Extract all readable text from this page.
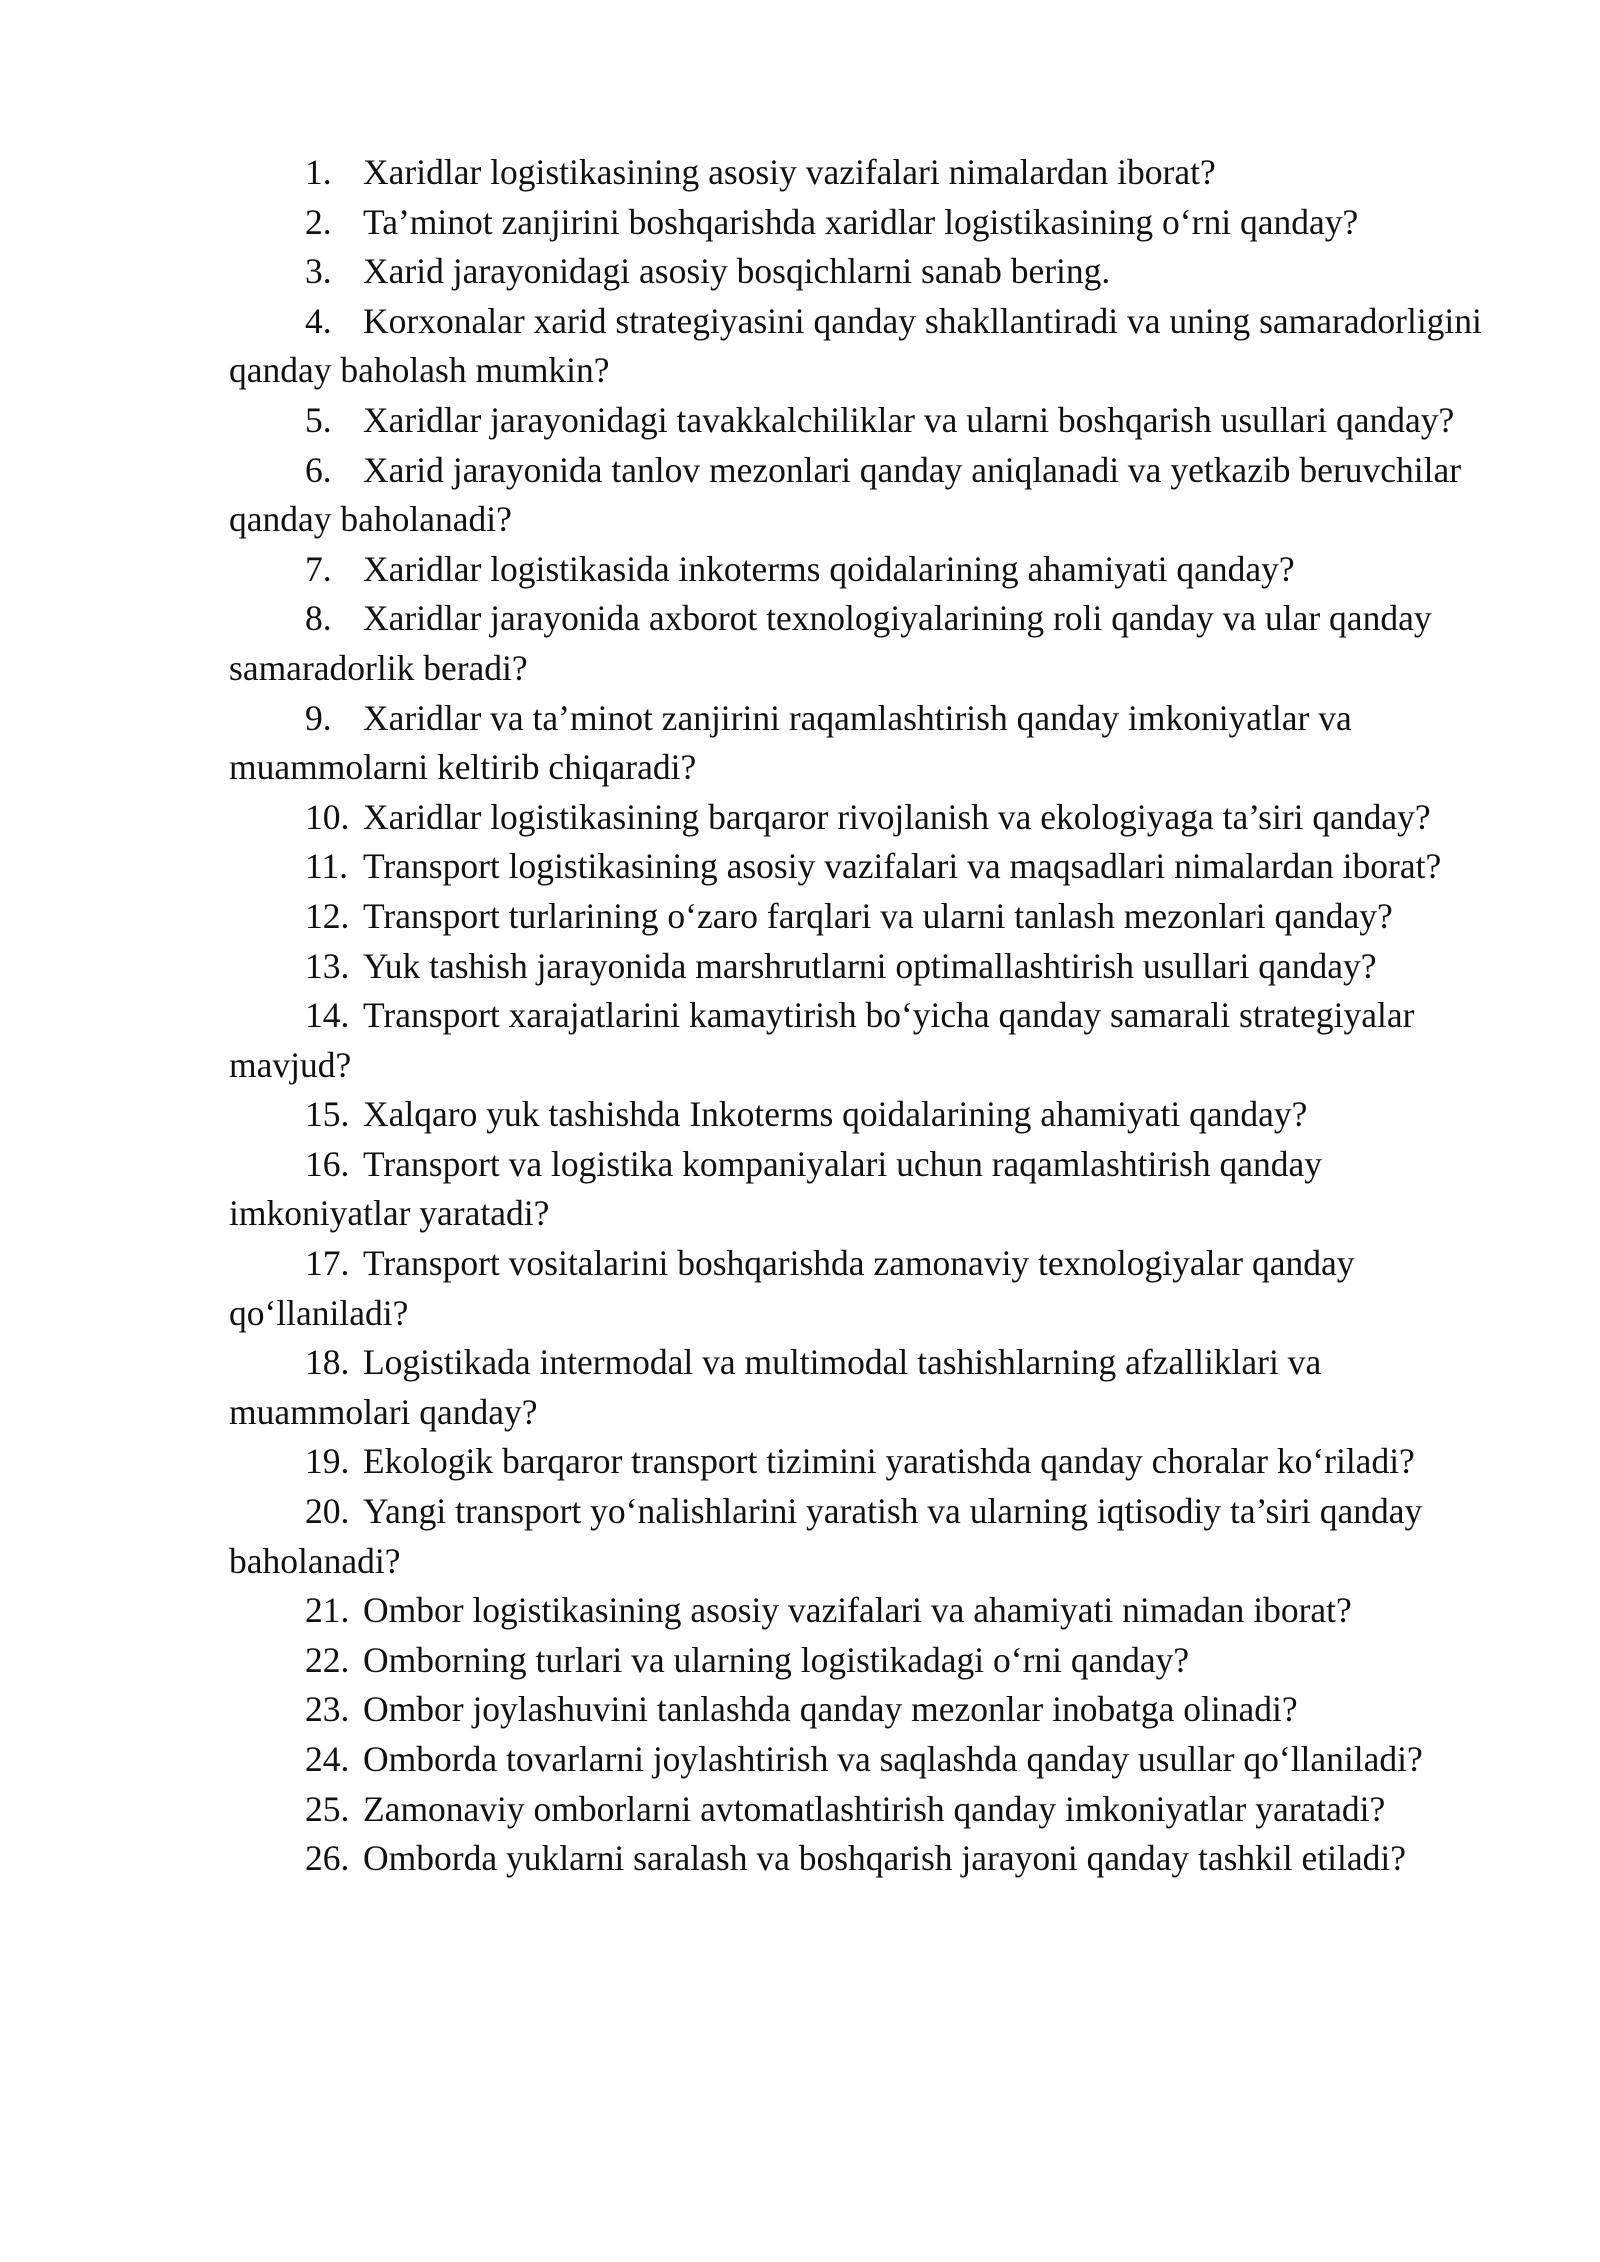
1. Xaridlar logistikasining asosiy vazifalari nimalardan iborat?
2. Ta’minot zanjirini boshqarishda xaridlar logistikasining o‘rni qanday?
3. Xarid jarayonidagi asosiy bosqichlarni sanab bering.
4. Korxonalar xarid strategiyasini qanday shakllantiradi va uning samaradorligini qanday baholash mumkin?
5. Xaridlar jarayonidagi tavakkalchiliklar va ularni boshqarish usullari qanday?
6. Xarid jarayonida tanlov mezonlari qanday aniqlanadi va yetkazib beruvchilar qanday baholanadi?
7. Xaridlar logistikasida inkoterms qoidalarining ahamiyati qanday?
8. Xaridlar jarayonida axborot texnologiyalarining roli qanday va ular qanday samaradorlik beradi?
9. Xaridlar va ta’minot zanjirini raqamlashtirish qanday imkoniyatlar va muammolarni keltirib chiqaradi?
10. Xaridlar logistikasining barqaror rivojlanish va ekologiyaga ta’siri qanday?
11. Transport logistikasining asosiy vazifalari va maqsadlari nimalardan iborat?
12. Transport turlarining o‘zaro farqlari va ularni tanlash mezonlari qanday?
13. Yuk tashish jarayonida marshrutlarni optimallashtirish usullari qanday?
14. Transport xarajatlarini kamaytirish bo‘yicha qanday samarali strategiyalar mavjud?
15. Xalqaro yuk tashishda Inkoterms qoidalarining ahamiyati qanday?
16. Transport va logistika kompaniyalari uchun raqamlashtirish qanday imkoniyatlar yaratadi?
17. Transport vositalarini boshqarishda zamonaviy texnologiyalar qanday qo‘llaniladi?
18. Logistikada intermodal va multimodal tashishlarning afzalliklari va muammolari qanday?
19. Ekologik barqaror transport tizimini yaratishda qanday choralar ko‘riladi?
20. Yangi transport yo‘nalishlarini yaratish va ularning iqtisodiy ta’siri qanday baholanadi?
21. Ombor logistikasining asosiy vazifalari va ahamiyati nimadan iborat?
22. Omborning turlari va ularning logistikadagi o‘rni qanday?
23. Ombor joylashuvini tanlashda qanday mezonlar inobatga olinadi?
24. Omborda tovarlarni joylashtirish va saqlashda qanday usullar qo‘llaniladi?
25. Zamonaviy omborlarni avtomatlashtirish qanday imkoniyatlar yaratadi?
26. Omborda yuklarni saralash va boshqarish jarayoni qanday tashkil etiladi?
